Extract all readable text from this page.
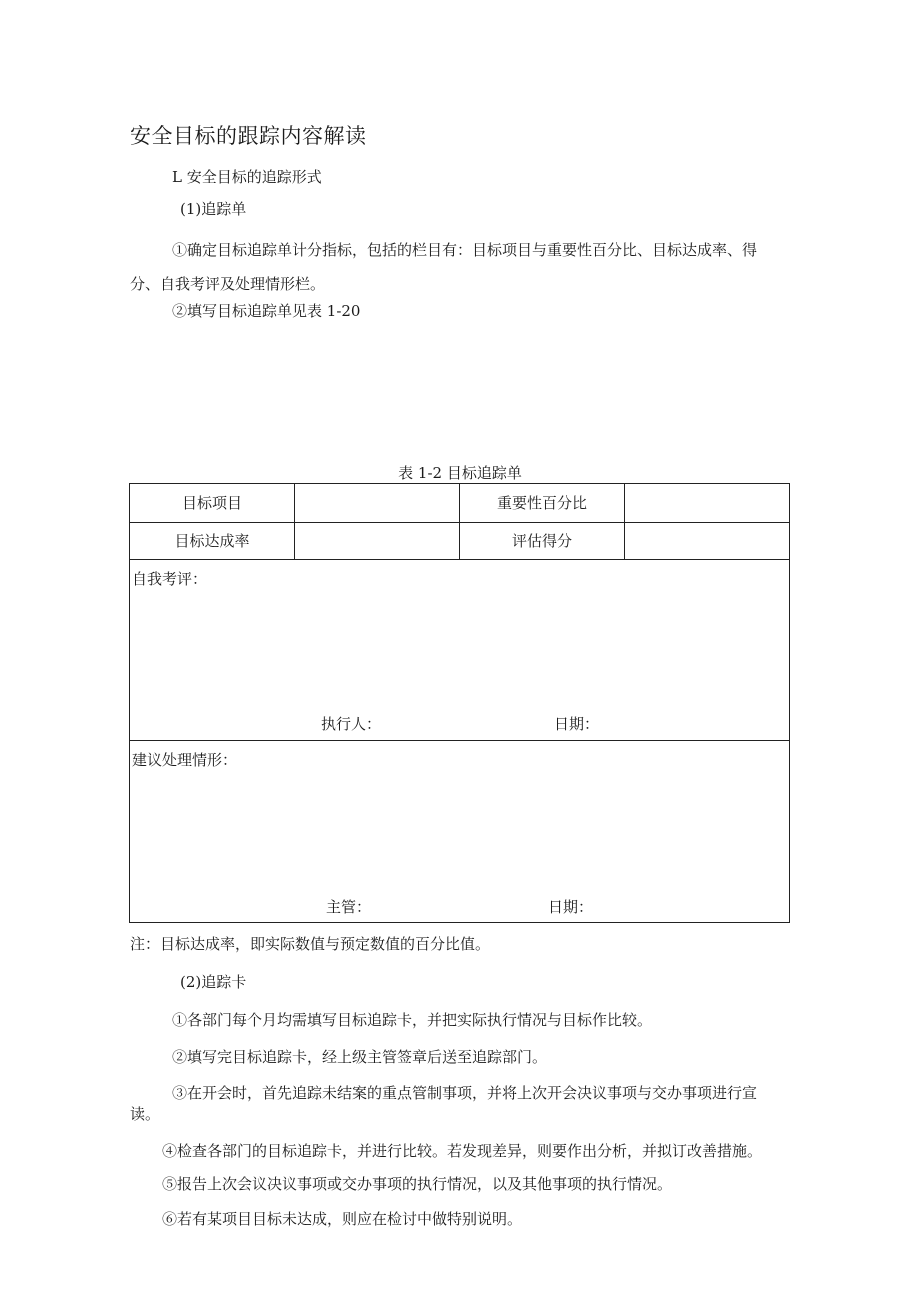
安全目标的跟踪内容解读
L 安全目标的追踪形式
(1)追踪单
①确定目标追踪单计分指标，包括的栏目有：目标项目与重要性百分比、目标达成率、得分、自我考评及处理情形栏。
②填写目标追踪单见表 1-20
表 1-2 目标追踪单
目标项目	重要性百分比
目标达成率	评估得分
自我考评：
执行人：	日期：
建议处理情形：
主管：	日期：
注：目标达成率，即实际数值与预定数值的百分比值。
(2)追踪卡
①各部门每个月均需填写目标追踪卡，并把实际执行情况与目标作比较。
②填写完目标追踪卡，经上级主管签章后送至追踪部门。
③在开会时，首先追踪未结案的重点管制事项，并将上次开会决议事项与交办事项进行宣读。
④检查各部门的目标追踪卡，并进行比较。若发现差异，则要作出分析，并拟订改善措施。
⑤报告上次会议决议事项或交办事项的执行情况，以及其他事项的执行情况。
⑥若有某项目目标未达成，则应在检讨中做特别说明。
